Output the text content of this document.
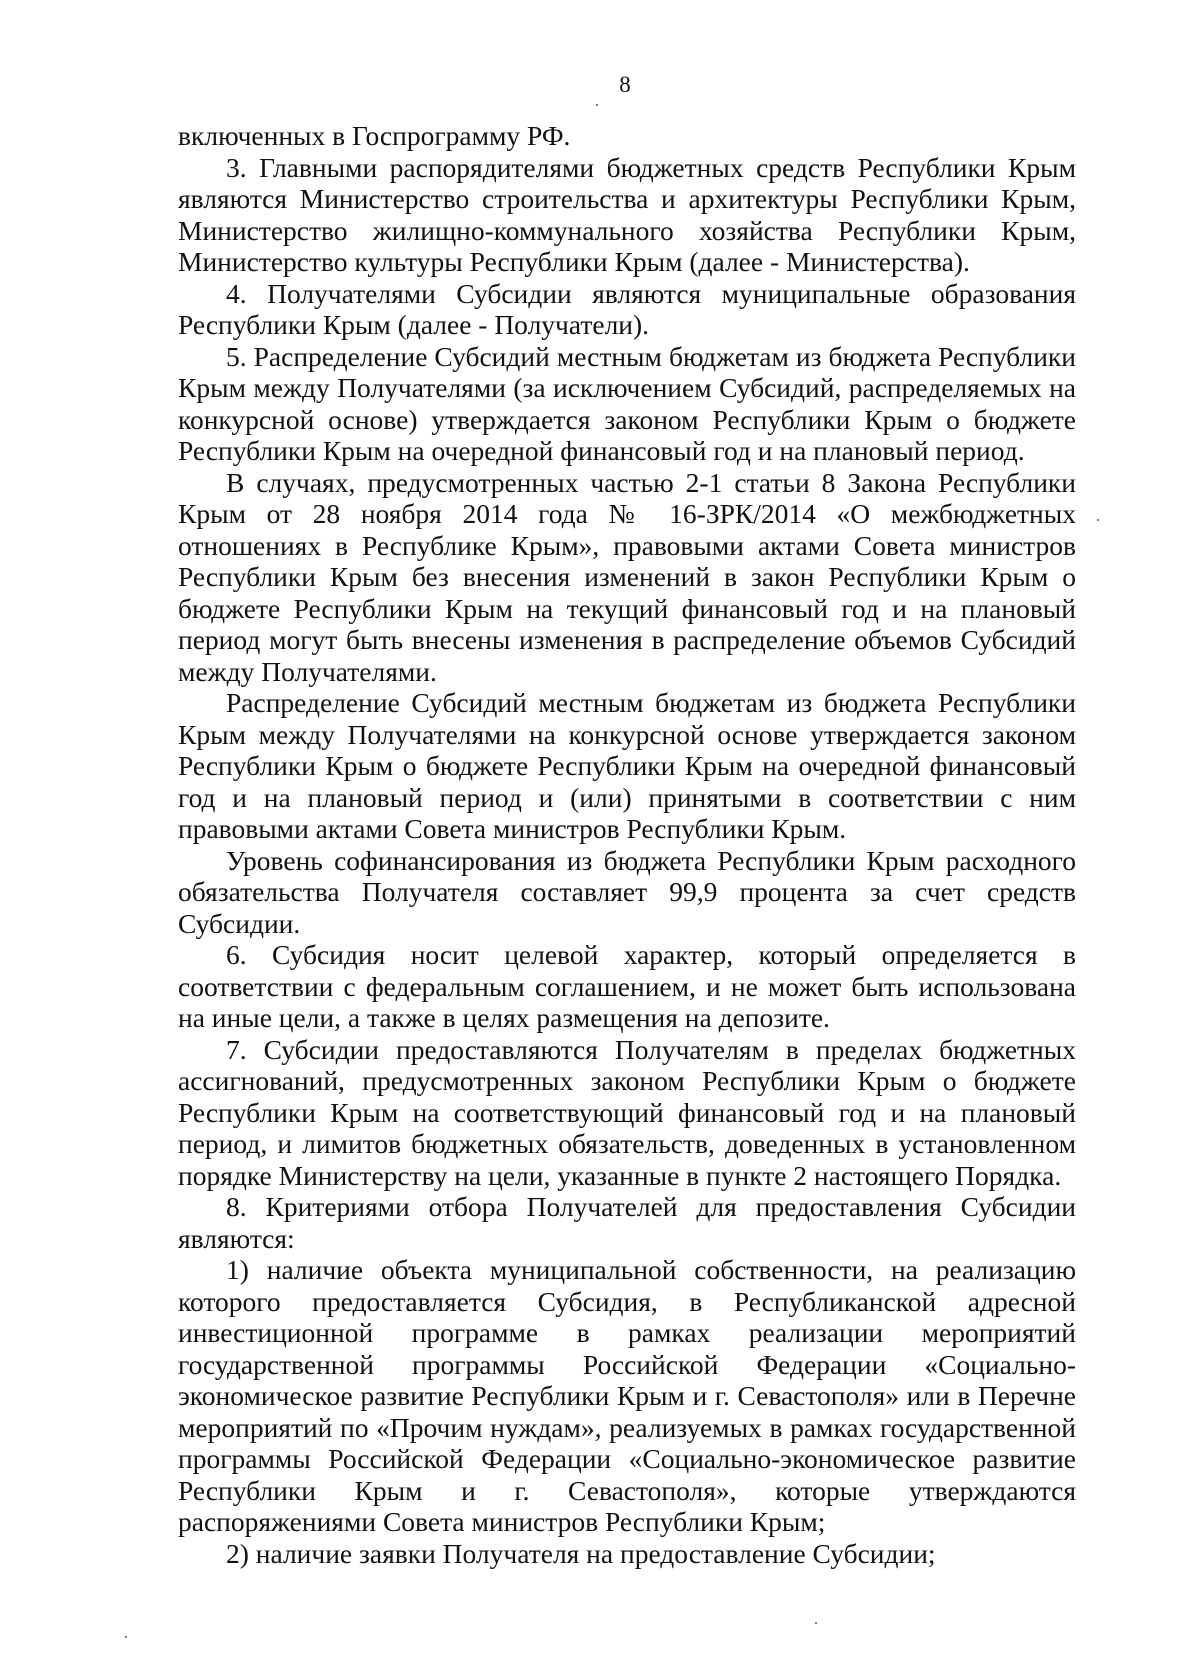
8

включенных в Госпрограмму РФ.

3. Главными распорядителями бюджетных средств Республики Крым являются Министерство строительства и архитектуры Республики Крым, Министерство жилищно-коммунального хозяйства Республики Крым, Министерство культуры Республики Крым (далее - Министерства).

4. Получателями Субсидии являются муниципальные образования Республики Крым (далее - Получатели).

5. Распределение Субсидий местным бюджетам из бюджета Республики Крым между Получателями (за исключением Субсидий, распределяемых на конкурсной основе) утверждается законом Республики Крым о бюджете Республики Крым на очередной финансовый год и на плановый период.

В случаях, предусмотренных частью 2-1 статьи 8 Закона Республики Крым от 28 ноября 2014 года № 16-ЗРК/2014 «О межбюджетных отношениях в Республике Крым», правовыми актами Совета министров Республики Крым без внесения изменений в закон Республики Крым о бюджете Республики Крым на текущий финансовый год и на плановый период могут быть внесены изменения в распределение объемов Субсидий между Получателями.

Распределение Субсидий местным бюджетам из бюджета Республики Крым между Получателями на конкурсной основе утверждается законом Республики Крым о бюджете Республики Крым на очередной финансовый год и на плановый период и (или) принятыми в соответствии с ним правовыми актами Совета министров Республики Крым.

Уровень софинансирования из бюджета Республики Крым расходного обязательства Получателя составляет 99,9 процента за счет средств Субсидии.

6. Субсидия носит целевой характер, который определяется в соответствии с федеральным соглашением, и не может быть использована на иные цели, а также в целях размещения на депозите.

7. Субсидии предоставляются Получателям в пределах бюджетных ассигнований, предусмотренных законом Республики Крым о бюджете Республики Крым на соответствующий финансовый год и на плановый период, и лимитов бюджетных обязательств, доведенных в установленном порядке Министерству на цели, указанные в пункте 2 настоящего Порядка.

8. Критериями отбора Получателей для предоставления Субсидии являются:

1) наличие объекта муниципальной собственности, на реализацию которого предоставляется Субсидия, в Республиканской адресной инвестиционной программе в рамках реализации мероприятий государственной программы Российской Федерации «Социально-экономическое развитие Республики Крым и г. Севастополя» или в Перечне мероприятий по «Прочим нуждам», реализуемых в рамках государственной программы Российской Федерации «Социально-экономическое развитие Республики Крым и г. Севастополя», которые утверждаются распоряжениями Совета министров Республики Крым;

2) наличие заявки Получателя на предоставление Субсидии;
